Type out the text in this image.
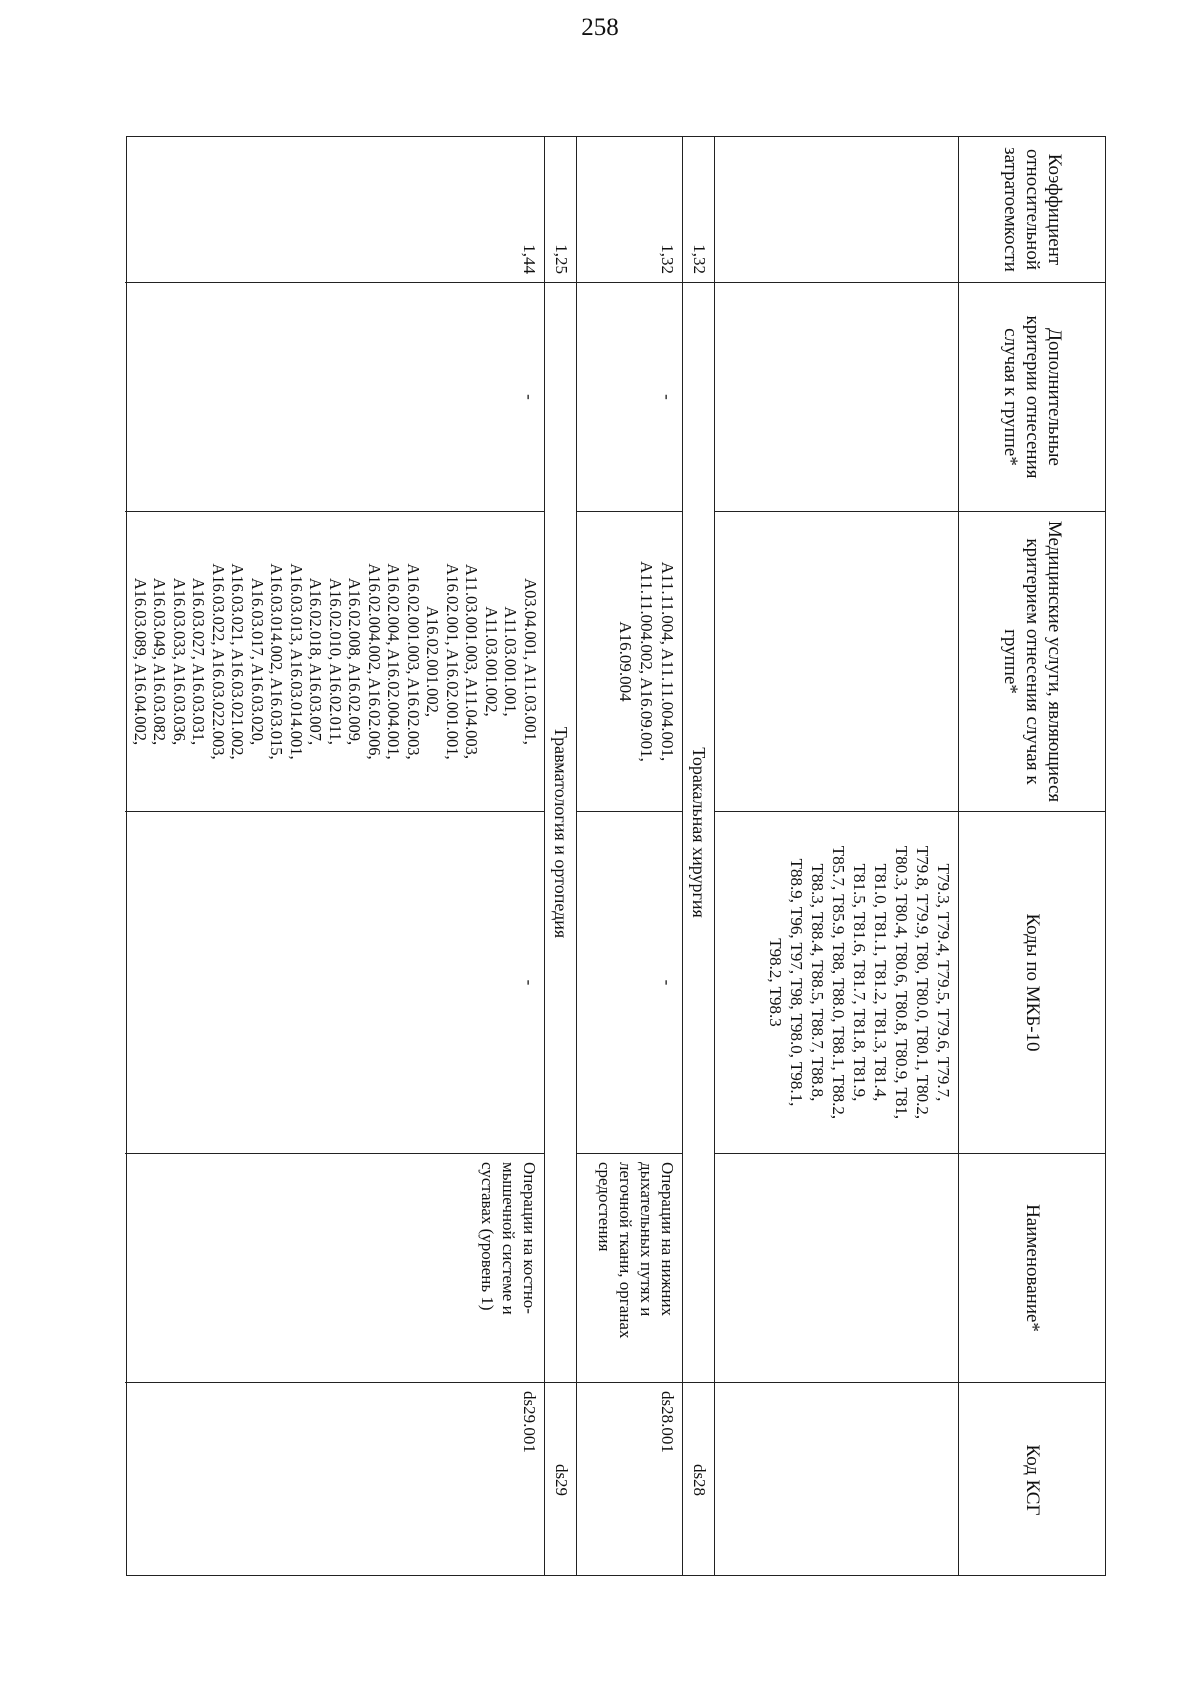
258
Коэффициент относительной затратоемкости
Дополнительные критерии отнесения случая к группе*
Медицинские услуги, являющиеся критерием отнесения случая к группе*
Коды по МКБ-10
Наименование*
Код КСГ
T79.3, T79.4, T79.5, T79.6, T79.7,
T79.8, T79.9, T80, T80.0, T80.1, T80.2,
T80.3, T80.4, T80.6, T80.8, T80.9, T81,
T81.0, T81.1, T81.2, T81.3, T81.4,
T81.5, T81.6, T81.7, T81.8, T81.9,
T85.7, T85.9, T88, T88.0, T88.1, T88.2,
T88.3, T88.4, T88.5, T88.7, T88.8,
T88.9, T96, T97, T98, T98.0, T98.1,
T98.2, T98.3
1,32
Торакальная хирургия
ds28
1,32
-
A11.11.004, A11.11.004.001,
A11.11.004.002, A16.09.001,
A16.09.004
-
Операции на нижних дыхательных путях и легочной ткани, органах средостения
ds28.001
1,25
Травматология и ортопедия
ds29
1,44
-
A03.04.001, A11.03.001,
A11.03.001.001,
A11.03.001.002,
A11.03.001.003, A11.04.003,
A16.02.001, A16.02.001.001,
A16.02.001.002,
A16.02.001.003, A16.02.003,
A16.02.004, A16.02.004.001,
A16.02.004.002, A16.02.006,
A16.02.008, A16.02.009,
A16.02.010, A16.02.011,
A16.02.018, A16.03.007,
A16.03.013, A16.03.014.001,
A16.03.014.002, A16.03.015,
A16.03.017, A16.03.020,
A16.03.021, A16.03.021.002,
A16.03.022, A16.03.022.003,
A16.03.027, A16.03.031,
A16.03.033, A16.03.036,
A16.03.049, A16.03.082,
A16.03.089, A16.04.002,
-
Операции на костно-мышечной системе и суставах (уровень 1)
ds29.001
